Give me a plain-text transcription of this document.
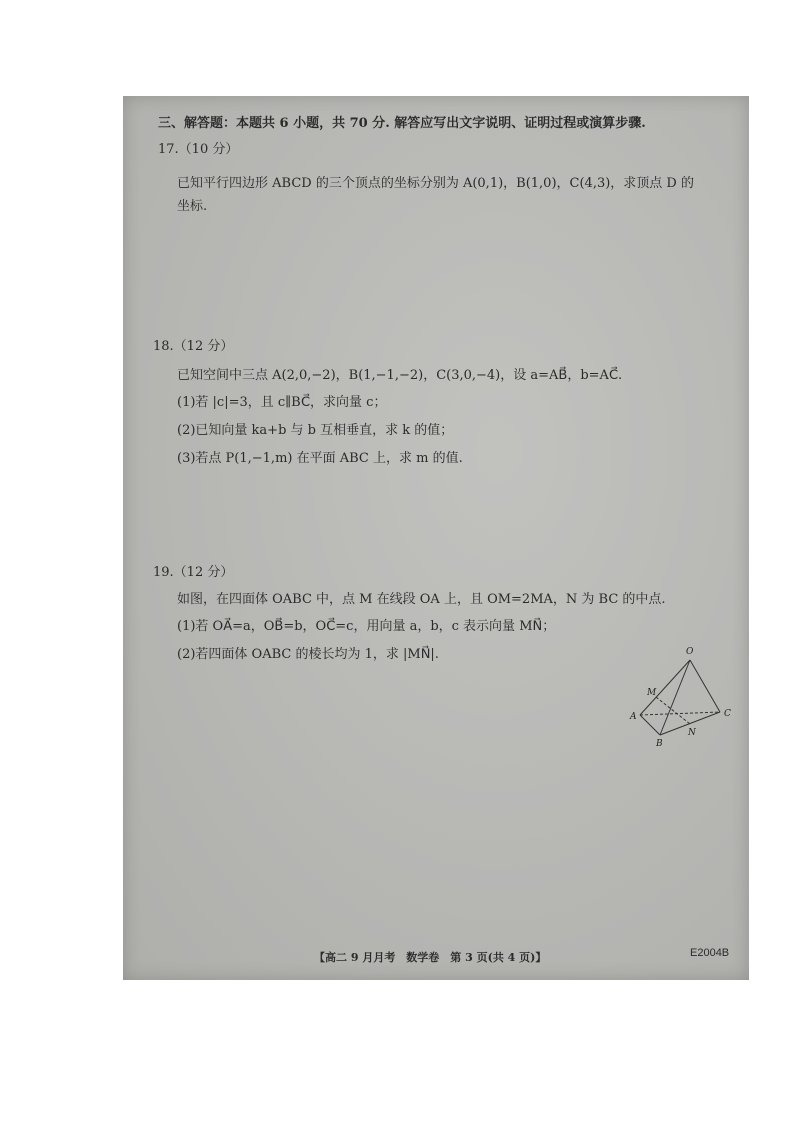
三、解答题：本题共 6 小题，共 70 分. 解答应写出文字说明、证明过程或演算步骤.
17.（10 分）
已知平行四边形 ABCD 的三个顶点的坐标分别为 A(0,1)，B(1,0)，C(4,3)，求顶点 D 的
坐标.
18.（12 分）
已知空间中三点 A(2,0,−2)，B(1,−1,−2)，C(3,0,−4)，设 a=AB⃗，b=AC⃗.
(1)若 |c|=3，且 c∥BC⃗，求向量 c；
(2)已知向量 ka+b 与 b 互相垂直，求 k 的值；
(3)若点 P(1,−1,m) 在平面 ABC 上，求 m 的值.
19.（12 分）
如图，在四面体 OABC 中，点 M 在线段 OA 上，且 OM=2MA，N 为 BC 的中点.
(1)若 OA⃗=a，OB⃗=b，OC⃗=c，用向量 a，b，c 表示向量 MN⃗；
(2)若四面体 OABC 的棱长均为 1，求 |MN⃗|.	O
M
A
B
C
N
【高二 9 月月考　数学卷　第 3 页(共 4 页)】	E2004B
